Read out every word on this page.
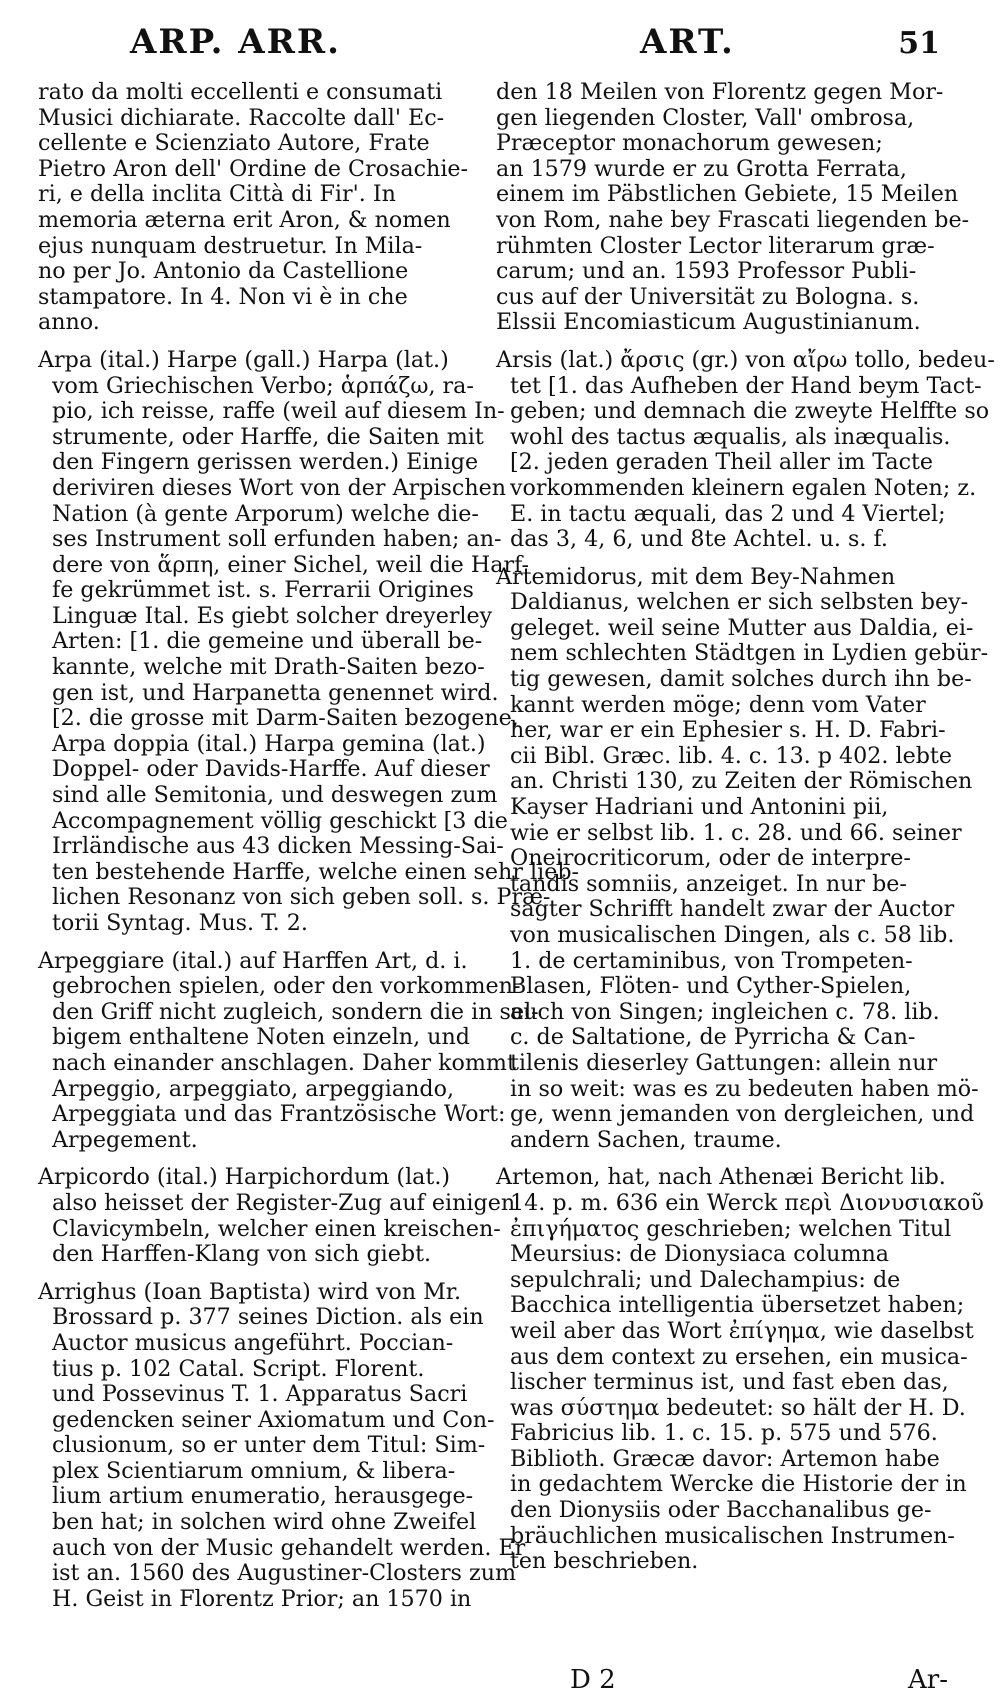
ARP. ARR.	ART.	51
rato da molti eccellenti e consumati
Musici dichiarate. Raccolte dall' Ec-
cellente e Scienziato Autore, Frate
Pietro Aron dell' Ordine de Crosachie-
ri, e della inclita Città di Fir'. In
memoria æterna erit Aron, & nomen
ejus nunquam destruetur. In Mila-
no per Jo. Antonio da Castellione
stampatore. In 4. Non vi è in che
anno.
Arpa (ital.) Harpe (gall.) Harpa (lat.)
vom Griechischen Verbo; ἁρπάζω, ra-
pio, ich reisse, raffe (weil auf diesem In-
strumente, oder Harffe, die Saiten mit
den Fingern gerissen werden.) Einige
deriviren dieses Wort von der Arpischen
Nation (à gente Arporum) welche die-
ses Instrument soll erfunden haben; an-
dere von ἅρπη, einer Sichel, weil die Harf-
fe gekrümmet ist. s. Ferrarii Origines
Linguæ Ital. Es giebt solcher dreyerley
Arten: [1. die gemeine und überall be-
kannte, welche mit Drath-Saiten bezo-
gen ist, und Harpanetta genennet wird.
[2. die grosse mit Darm-Saiten bezogene,
Arpa doppia (ital.) Harpa gemina (lat.)
Doppel- oder Davids-Harffe. Auf dieser
sind alle Semitonia, und deswegen zum
Accompagnement völlig geschickt [3 die
Irrländische aus 43 dicken Messing-Sai-
ten bestehende Harffe, welche einen sehr lieb-
lichen Resonanz von sich geben soll. s. Præ-
torii Syntag. Mus. T. 2.
Arpeggiare (ital.) auf Harffen Art, d. i.
gebrochen spielen, oder den vorkommen-
den Griff nicht zugleich, sondern die in sel-
bigem enthaltene Noten einzeln, und
nach einander anschlagen. Daher kommt
Arpeggio, arpeggiato, arpeggiando,
Arpeggiata und das Frantzösische Wort:
Arpegement.
Arpicordo (ital.) Harpichordum (lat.)
also heisset der Register-Zug auf einigen
Clavicymbeln, welcher einen kreischen-
den Harffen-Klang von sich giebt.
Arrighus (Ioan Baptista) wird von Mr.
Brossard p. 377 seines Diction. als ein
Auctor musicus angeführt. Poccian-
tius p. 102 Catal. Script. Florent.
und Possevinus T. 1. Apparatus Sacri
gedencken seiner Axiomatum und Con-
clusionum, so er unter dem Titul: Sim-
plex Scientiarum omnium, & libera-
lium artium enumeratio, herausgege-
ben hat; in solchen wird ohne Zweifel
auch von der Music gehandelt werden. Er
ist an. 1560 des Augustiner-Closters zum
H. Geist in Florentz Prior; an 1570 in
den 18 Meilen von Florentz gegen Mor-
gen liegenden Closter, Vall' ombrosa,
Præceptor monachorum gewesen;
an 1579 wurde er zu Grotta Ferrata,
einem im Päbstlichen Gebiete, 15 Meilen
von Rom, nahe bey Frascati liegenden be-
rühmten Closter Lector literarum græ-
carum; und an. 1593 Professor Publi-
cus auf der Universität zu Bologna. s.
Elssii Encomiasticum Augustinianum.
Arsis (lat.) ἄρσις (gr.) von αἴρω tollo, bedeu-
tet [1. das Aufheben der Hand beym Tact-
geben; und demnach die zweyte Helffte so
wohl des tactus æqualis, als inæqualis.
[2. jeden geraden Theil aller im Tacte
vorkommenden kleinern egalen Noten; z.
E. in tactu æquali, das 2 und 4 Viertel;
das 3, 4, 6, und 8te Achtel. u. s. f.
Artemidorus, mit dem Bey-Nahmen
Daldianus, welchen er sich selbsten bey-
geleget. weil seine Mutter aus Daldia, ei-
nem schlechten Städtgen in Lydien gebür-
tig gewesen, damit solches durch ihn be-
kannt werden möge; denn vom Vater
her, war er ein Ephesier s. H. D. Fabri-
cii Bibl. Græc. lib. 4. c. 13. p 402. lebte
an. Christi 130, zu Zeiten der Römischen
Kayser Hadriani und Antonini pii,
wie er selbst lib. 1. c. 28. und 66. seiner
Oneirocriticorum, oder de interpre-
tandis somniis, anzeiget. In nur be-
sagter Schrifft handelt zwar der Auctor
von musicalischen Dingen, als c. 58 lib.
1. de certaminibus, von Trompeten-
Blasen, Flöten- und Cyther-Spielen,
auch von Singen; ingleichen c. 78. lib.
c. de Saltatione, de Pyrricha & Can-
tilenis dieserley Gattungen: allein nur
in so weit: was es zu bedeuten haben mö-
ge, wenn jemanden von dergleichen, und
andern Sachen, traume.
Artemon, hat, nach Athenæi Bericht lib.
14. p. m. 636 ein Werck περὶ Διονυσιακοῦ
ἐπιγήματος geschrieben; welchen Titul
Meursius: de Dionysiaca columna
sepulchrali; und Dalechampius: de
Bacchica intelligentia übersetzet haben;
weil aber das Wort ἐπίγημα, wie daselbst
aus dem context zu ersehen, ein musica-
lischer terminus ist, und fast eben das,
was σύστημα bedeutet: so hält der H. D.
Fabricius lib. 1. c. 15. p. 575 und 576.
Biblioth. Græcæ davor: Artemon habe
in gedachtem Wercke die Historie der in
den Dionysiis oder Bacchanalibus ge-
bräuchlichen musicalischen Instrumen-
ten beschrieben.
D 2	Ar-
